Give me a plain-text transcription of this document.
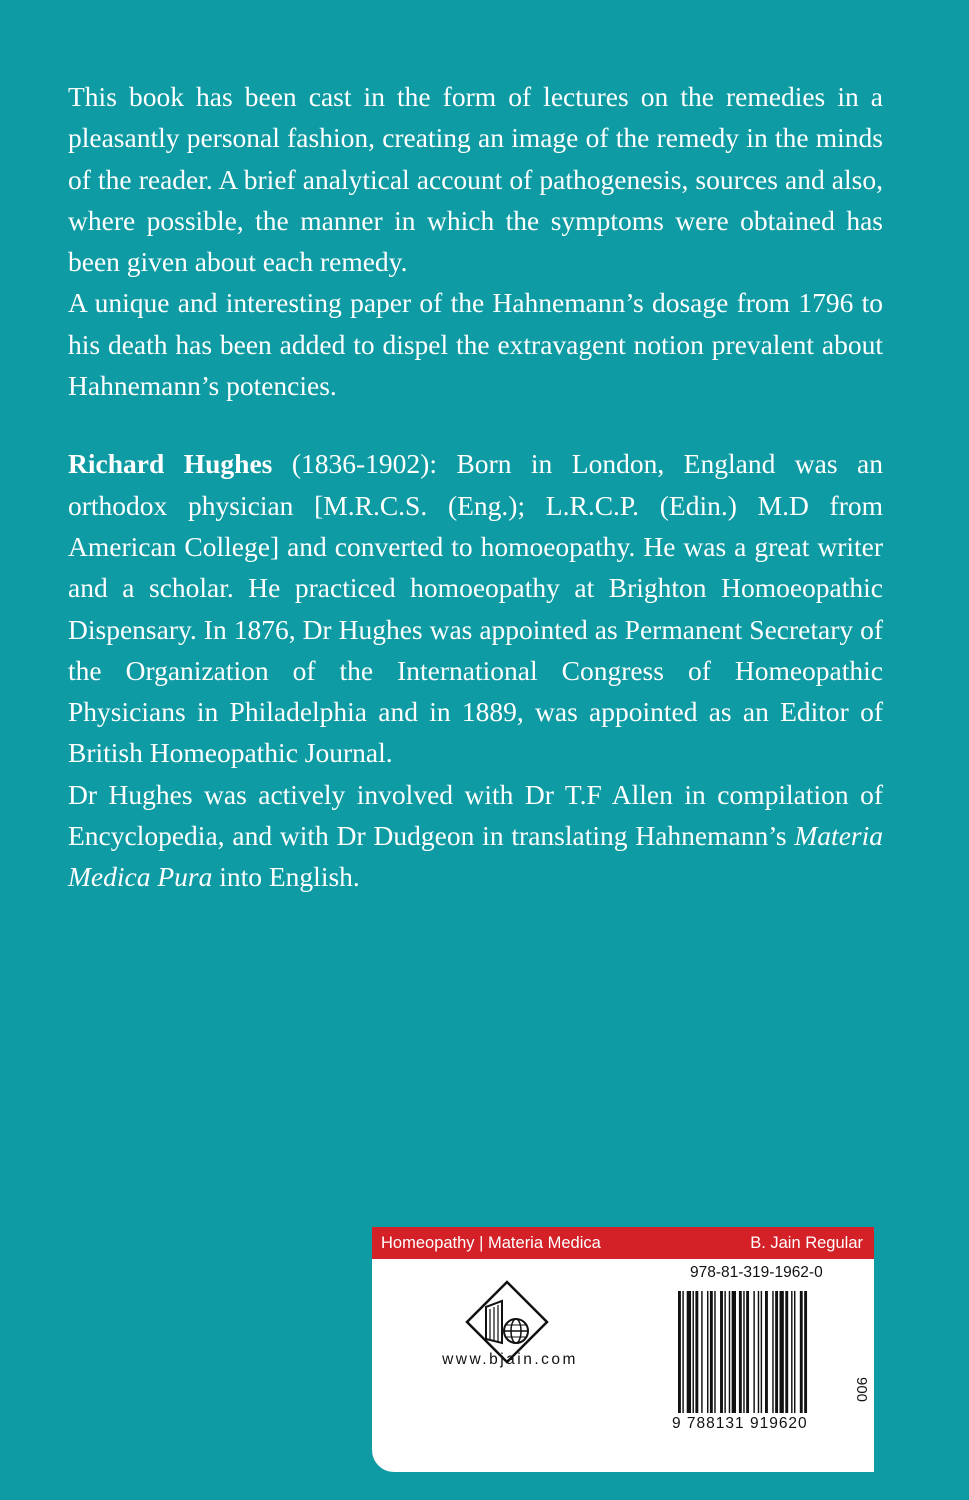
This book has been cast in the form of lectures on the remedies in a pleasantly personal fashion, creating an image of the remedy in the minds of the reader. A brief analytical account of pathogenesis, sources and also, where possible, the manner in which the symptoms were obtained has been given about each remedy.

A unique and interesting paper of the Hahnemann’s dosage from 1796 to his death has been added to dispel the extravagent notion prevalent about Hahnemann’s potencies.

Richard Hughes (1836-1902): Born in London, England was an orthodox physician [M.R.C.S. (Eng.); L.R.C.P. (Edin.) M.D from American College] and converted to homoeopathy. He was a great writer and a scholar. He practiced homoeopathy at Brighton Homoeopathic Dispensary. In 1876, Dr Hughes was appointed as Permanent Secretary of the Organization of the International Congress of Homeopathic Physicians in Philadelphia and in 1889, was appointed as an Editor of British Homeopathic Journal.

Dr Hughes was actively involved with Dr T.F Allen in compilation of Encyclopedia, and with Dr Dudgeon in translating Hahnemann’s Materia Medica Pura into English.

Homeopathy | Materia Medica	B. Jain Regular
www.bjain.com
978-81-319-1962-0
9 788131 919620
900
